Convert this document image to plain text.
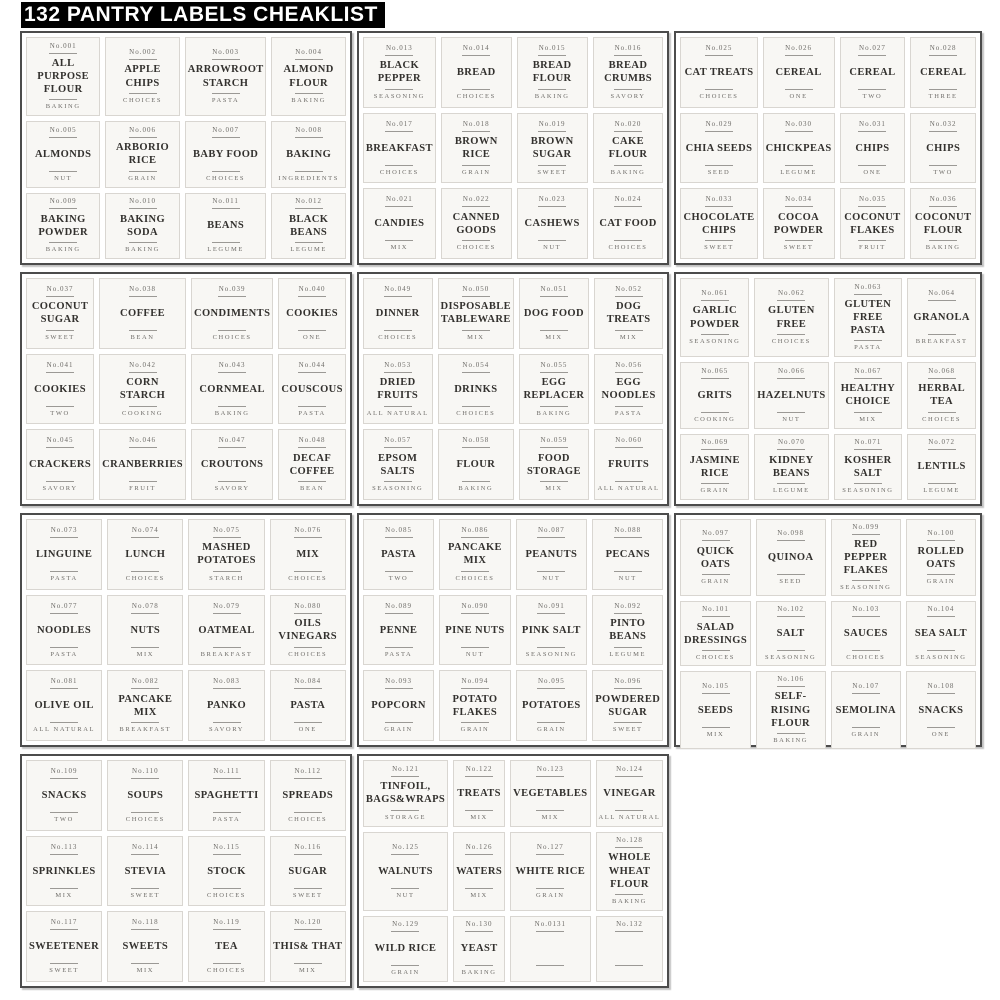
132 PANTRY LABELS CHEAKLIST
No.001
ALL PURPOSE FLOUR
BAKING
No.002
APPLE CHIPS
CHOICES
No.003
ARROWROOT STARCH
PASTA
No.004
ALMOND FLOUR
BAKING
No.005
ALMONDS
NUT
No.006
ARBORIO RICE
GRAIN
No.007
BABY FOOD
CHOICES
No.008
BAKING
INGREDIENTS
No.009
BAKING POWDER
BAKING
No.010
BAKING SODA
BAKING
No.011
BEANS
LEGUME
No.012
BLACK BEANS
LEGUME
No.013
BLACK PEPPER
SEASONING
No.014
BREAD
CHOICES
No.015
BREAD FLOUR
BAKING
No.016
BREAD CRUMBS
SAVORY
No.017
BREAKFAST
CHOICES
No.018
BROWN RICE
GRAIN
No.019
BROWN SUGAR
SWEET
No.020
CAKE FLOUR
BAKING
No.021
CANDIES
MIX
No.022
CANNED GOODS
CHOICES
No.023
CASHEWS
NUT
No.024
CAT FOOD
CHOICES
No.025
CAT TREATS
CHOICES
No.026
CEREAL
ONE
No.027
CEREAL
TWO
No.028
CEREAL
THREE
No.029
CHIA SEEDS
SEED
No.030
CHICKPEAS
LEGUME
No.031
CHIPS
ONE
No.032
CHIPS
TWO
No.033
CHOCOLATE CHIPS
SWEET
No.034
COCOA POWDER
SWEET
No.035
COCONUT FLAKES
FRUIT
No.036
COCONUT FLOUR
BAKING
No.037
COCONUT SUGAR
SWEET
No.038
COFFEE
BEAN
No.039
CONDIMENTS
CHOICES
No.040
COOKIES
ONE
No.041
COOKIES
TWO
No.042
CORN STARCH
COOKING
No.043
CORNMEAL
BAKING
No.044
COUSCOUS
PASTA
No.045
CRACKERS
SAVORY
No.046
CRANBERRIES
FRUIT
No.047
CROUTONS
SAVORY
No.048
DECAF COFFEE
BEAN
No.049
DINNER
CHOICES
No.050
DISPOSABLE TABLEWARE
MIX
No.051
DOG FOOD
MIX
No.052
DOG TREATS
MIX
No.053
DRIED FRUITS
ALL NATURAL
No.054
DRINKS
CHOICES
No.055
EGG REPLACER
BAKING
No.056
EGG NOODLES
PASTA
No.057
EPSOM SALTS
SEASONING
No.058
FLOUR
BAKING
No.059
FOOD STORAGE
MIX
No.060
FRUITS
ALL NATURAL
No.061
GARLIC POWDER
SEASONING
No.062
GLUTEN FREE
CHOICES
No.063
GLUTEN FREE PASTA
PASTA
No.064
GRANOLA
BREAKFAST
No.065
GRITS
COOKING
No.066
HAZELNUTS
NUT
No.067
HEALTHY CHOICE
MIX
No.068
HERBAL TEA
CHOICES
No.069
JASMINE RICE
GRAIN
No.070
KIDNEY BEANS
LEGUME
No.071
KOSHER SALT
SEASONING
No.072
LENTILS
LEGUME
No.073
LINGUINE
PASTA
No.074
LUNCH
CHOICES
No.075
MASHED POTATOES
STARCH
No.076
MIX
CHOICES
No.077
NOODLES
PASTA
No.078
NUTS
MIX
No.079
OATMEAL
BREAKFAST
No.080
OILS VINEGARS
CHOICES
No.081
OLIVE OIL
ALL NATURAL
No.082
PANCAKE MIX
BREAKFAST
No.083
PANKO
SAVORY
No.084
PASTA
ONE
No.085
PASTA
TWO
No.086
PANCAKE MIX
CHOICES
No.087
PEANUTS
NUT
No.088
PECANS
NUT
No.089
PENNE
PASTA
No.090
PINE NUTS
NUT
No.091
PINK SALT
SEASONING
No.092
PINTO BEANS
LEGUME
No.093
POPCORN
GRAIN
No.094
POTATO FLAKES
GRAIN
No.095
POTATOES
GRAIN
No.096
POWDERED SUGAR
SWEET
No.097
QUICK OATS
GRAIN
No.098
QUINOA
SEED
No.099
RED PEPPER FLAKES
SEASONING
No.100
ROLLED OATS
GRAIN
No.101
SALAD DRESSINGS
CHOICES
No.102
SALT
SEASONING
No.103
SAUCES
CHOICES
No.104
SEA SALT
SEASONING
No.105
SEEDS
MIX
No.106
SELF-RISING FLOUR
BAKING
No.107
SEMOLINA
GRAIN
No.108
SNACKS
ONE
No.109
SNACKS
TWO
No.110
SOUPS
CHOICES
No.111
SPAGHETTI
PASTA
No.112
SPREADS
CHOICES
No.113
SPRINKLES
MIX
No.114
STEVIA
SWEET
No.115
STOCK
CHOICES
No.116
SUGAR
SWEET
No.117
SWEETENER
SWEET
No.118
SWEETS
MIX
No.119
TEA
CHOICES
No.120
THIS& THAT
MIX
No.121
TINFOIL, BAGS&WRAPS
STORAGE
No.122
TREATS
MIX
No.123
VEGETABLES
MIX
No.124
VINEGAR
ALL NATURAL
No.125
WALNUTS
NUT
No.126
WATERS
MIX
No.127
WHITE RICE
GRAIN
No.128
WHOLE WHEAT FLOUR
BAKING
No.129
WILD RICE
GRAIN
No.130
YEAST
BAKING
No.0131	No.132
